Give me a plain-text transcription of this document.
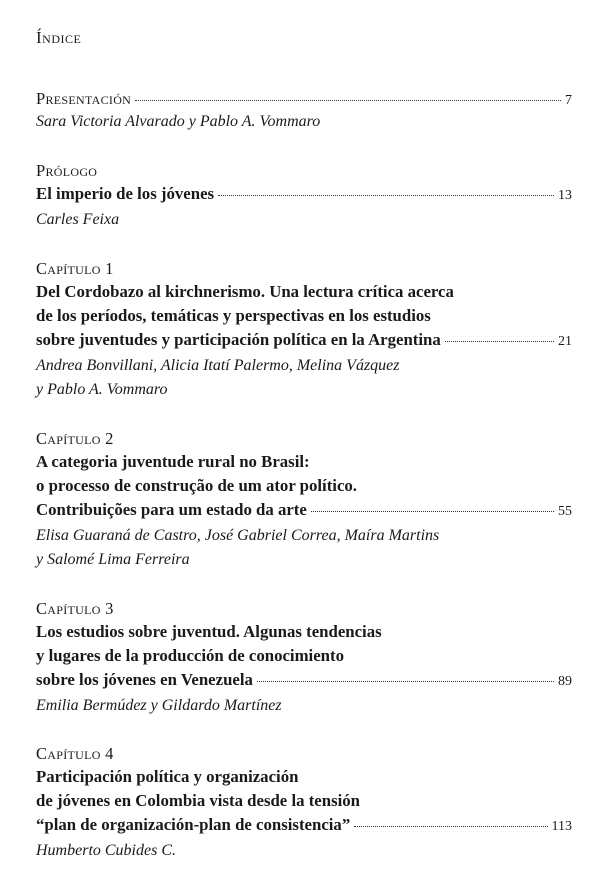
Índice
Presentación	7
Sara Victoria Alvarado y Pablo A. Vommaro
Prólogo
El imperio de los jóvenes	13
Carles Feixa
Capítulo 1
Del Cordobazo al kirchnerismo. Una lectura crítica acerca
de los períodos, temáticas y perspectivas en los estudios
sobre juventudes y participación política en la Argentina	21
Andrea Bonvillani, Alicia Itatí Palermo, Melina Vázquez
y Pablo A. Vommaro
Capítulo 2
A categoria juventude rural no Brasil:
o processo de construção de um ator político.
Contribuições para um estado da arte	55
Elisa Guaraná de Castro, José Gabriel Correa, Maíra Martins
y Salomé Lima Ferreira
Capítulo 3
Los estudios sobre juventud. Algunas tendencias
y lugares de la producción de conocimiento
sobre los jóvenes en Venezuela	89
Emilia Bermúdez y Gildardo Martínez
Capítulo 4
Participación política y organización
de jóvenes en Colombia vista desde la tensión
“plan de organización-plan de consistencia”	113
Humberto Cubides C.
